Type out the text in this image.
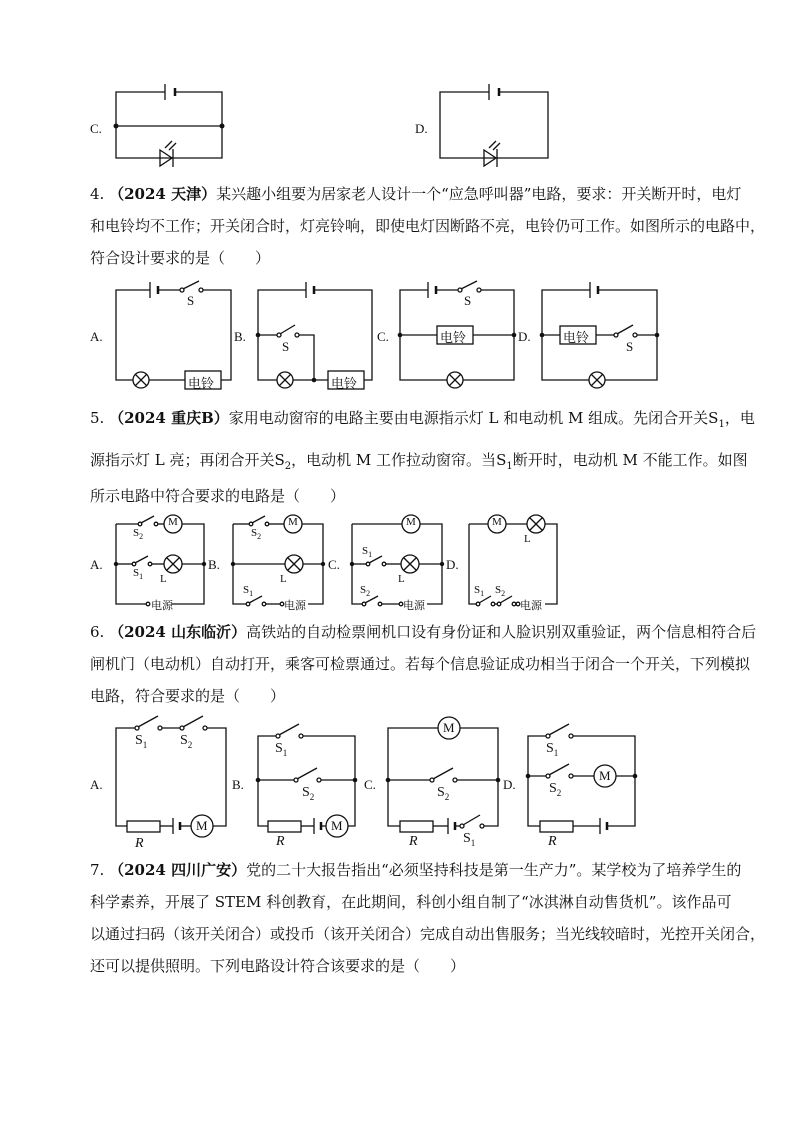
C.	D.
4. （2024 天津）某兴趣小组要为居家老人设计一个“应急呼叫器”电路，要求：开关断开时，电灯
和电铃均不工作；开关闭合时，灯亮铃响，即使电灯因断路不亮，电铃仍可工作。如图所示的电路中，
符合设计要求的是（　　）
5. （2024 重庆B）家用电动窗帘的电路主要由电源指示灯 L 和电动机 M 组成。先闭合开关$S_1$，电
源指示灯 L 亮；再闭合开关$S_2$，电动机 M 工作拉动窗帘。当$S_1$断开时，电动机 M 不能工作。如图
所示电路中符合要求的电路是（　　）
6. （2024 山东临沂）高铁站的自动检票闸机口设有身份证和人脸识别双重验证，两个信息相符合后
闸机门（电动机）自动打开，乘客可检票通过。若每个信息验证成功相当于闭合一个开关，下列模拟
电路，符合要求的是（　　）
7. （2024 四川广安）党的二十大报告指出“必须坚持科技是第一生产力”。某学校为了培养学生的
科学素养，开展了 STEM 科创教育，在此期间，科创小组自制了“冰淇淋自动售货机”。该作品可
以通过扫码（该开关闭合）或投币（该开关闭合）完成自动出售服务；当光线较暗时，光控开关闭合，
还可以提供照明。下列电路设计符合该要求的是（　　）
A.	B.	C.	D.
A.	B.	C.	D.
A.	B.	C.	D.
S
电铃
S
电铃
S
电铃	电铃
S
M
$S_2$
$S_1$ L
电源
M
$S_2$
L
$S_1$
电源
M
$S_1$
L
$S_2$
电源
M
L
$S_1$ $S_2$
电源
$S_1$ $S_2$
R
M
$S_1$
$S_2$
R
M
M
$S_2$
R	$S_1$
$S_1$
$S_2$
M
R
